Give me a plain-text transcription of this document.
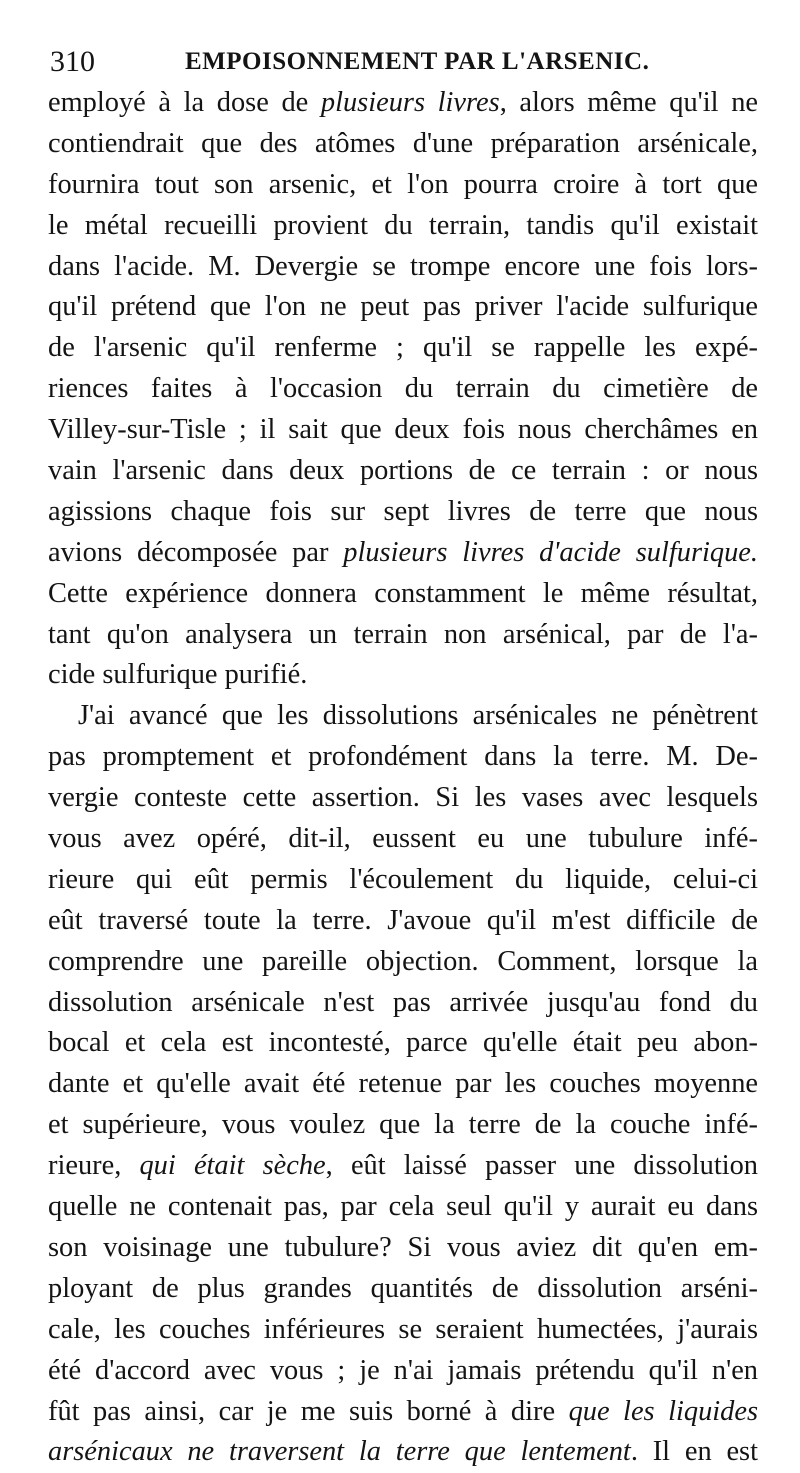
310	EMPOISONNEMENT PAR L'ARSENIC.
employé à la dose de plusieurs livres, alors même qu'il ne
contiendrait que des atômes d'une préparation arsénicale,
fournira tout son arsenic, et l'on pourra croire à tort que
le métal recueilli provient du terrain, tandis qu'il existait
dans l'acide. M. Devergie se trompe encore une fois lors-
qu'il prétend que l'on ne peut pas priver l'acide sulfurique
de l'arsenic qu'il renferme ; qu'il se rappelle les expé-
riences faites à l'occasion du terrain du cimetière de
Villey-sur-Tisle ; il sait que deux fois nous cherchâmes en
vain l'arsenic dans deux portions de ce terrain : or nous
agissions chaque fois sur sept livres de terre que nous
avions décomposée par plusieurs livres d'acide sulfurique.
Cette expérience donnera constamment le même résultat,
tant qu'on analysera un terrain non arsénical, par de l'a-
cide sulfurique purifié.
J'ai avancé que les dissolutions arsénicales ne pénètrent
pas promptement et profondément dans la terre. M. De-
vergie conteste cette assertion. Si les vases avec lesquels
vous avez opéré, dit-il, eussent eu une tubulure infé-
rieure qui eût permis l'écoulement du liquide, celui-ci
eût traversé toute la terre. J'avoue qu'il m'est difficile de
comprendre une pareille objection. Comment, lorsque la
dissolution arsénicale n'est pas arrivée jusqu'au fond du
bocal et cela est incontesté, parce qu'elle était peu abon-
dante et qu'elle avait été retenue par les couches moyenne
et supérieure, vous voulez que la terre de la couche infé-
rieure, qui était sèche, eût laissé passer une dissolution
quelle ne contenait pas, par cela seul qu'il y aurait eu dans
son voisinage une tubulure? Si vous aviez dit qu'en em-
ployant de plus grandes quantités de dissolution arséni-
cale, les couches inférieures se seraient humectées, j'aurais
été d'accord avec vous ; je n'ai jamais prétendu qu'il n'en
fût pas ainsi, car je me suis borné à dire que les liquides
arsénicaux ne traversent la terre que lentement. Il en est
